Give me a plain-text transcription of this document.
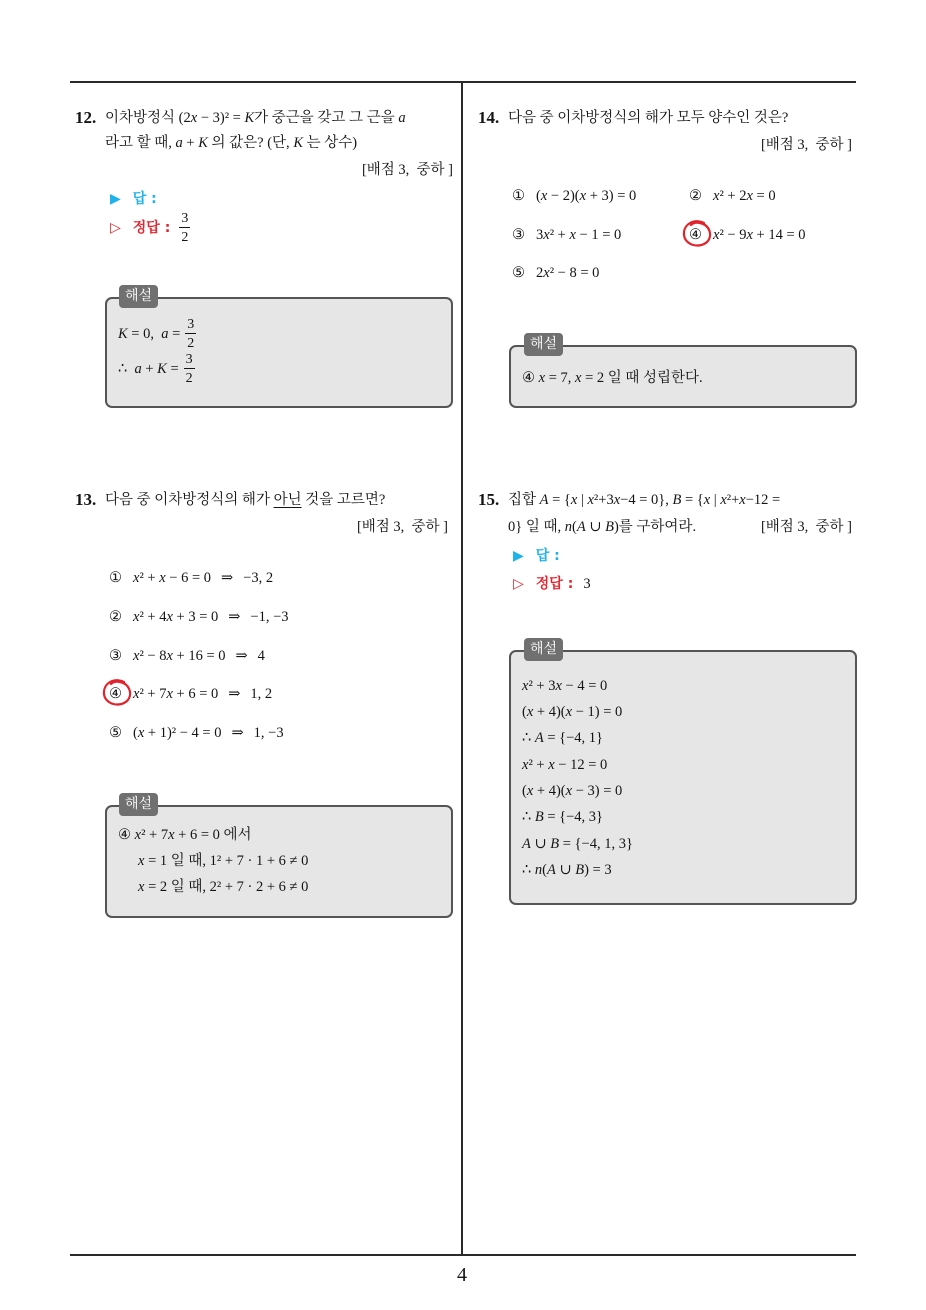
4
12. 이차방정식 (2x − 3)² = K가 중근을 갖고 그 근을 a
라고 할 때, a + K 의 값은? (단, K 는 상수)
[배점 3,  중하 ]
▶ 답 :
▷ 정답 : $\frac{3}{2}$
해설
K = 0,  $a = \frac{3}{2}$
∴  $a + K = \frac{3}{2}$
13. 다음 중 이차방정식의 해가 아닌 것을 고르면?
[배점 3,  중하 ]
① x² + x − 6 = 0 ⇒ −3, 2
② x² + 4x + 3 = 0 ⇒ −1, −3
③ x² − 8x + 16 = 0 ⇒ 4
④ x² + 7x + 6 = 0 ⇒ 1, 2
⑤ (x + 1)² − 4 = 0 ⇒ 1, −3
해설
④ x² + 7x + 6 = 0 에서
x = 1 일 때, 1² + 7 · 1 + 6 ≠ 0
x = 2 일 때, 2² + 7 · 2 + 6 ≠ 0
14. 다음 중 이차방정식의 해가 모두 양수인 것은?
[배점 3,  중하 ]
① (x − 2)(x + 3) = 0	② x² + 2x = 0
③ 3x² + x − 1 = 0	④ x² − 9x + 14 = 0
⑤ 2x² − 8 = 0
해설
④ x = 7, x = 2 일 때 성립한다.
15. 집합 A = {x | x²+3x−4 = 0}, B = {x | x²+x−12 =
0} 일 때, n(A ∪ B)를 구하여라.	[배점 3,  중하 ]
▶ 답 :
▷ 정답 : 3
해설
x² + 3x − 4 = 0
(x + 4)(x − 1) = 0
∴ A = {−4, 1}
x² + x − 12 = 0
(x + 4)(x − 3) = 0
∴ B = {−4, 3}
A ∪ B = {−4, 1, 3}
∴ n(A ∪ B) = 3
